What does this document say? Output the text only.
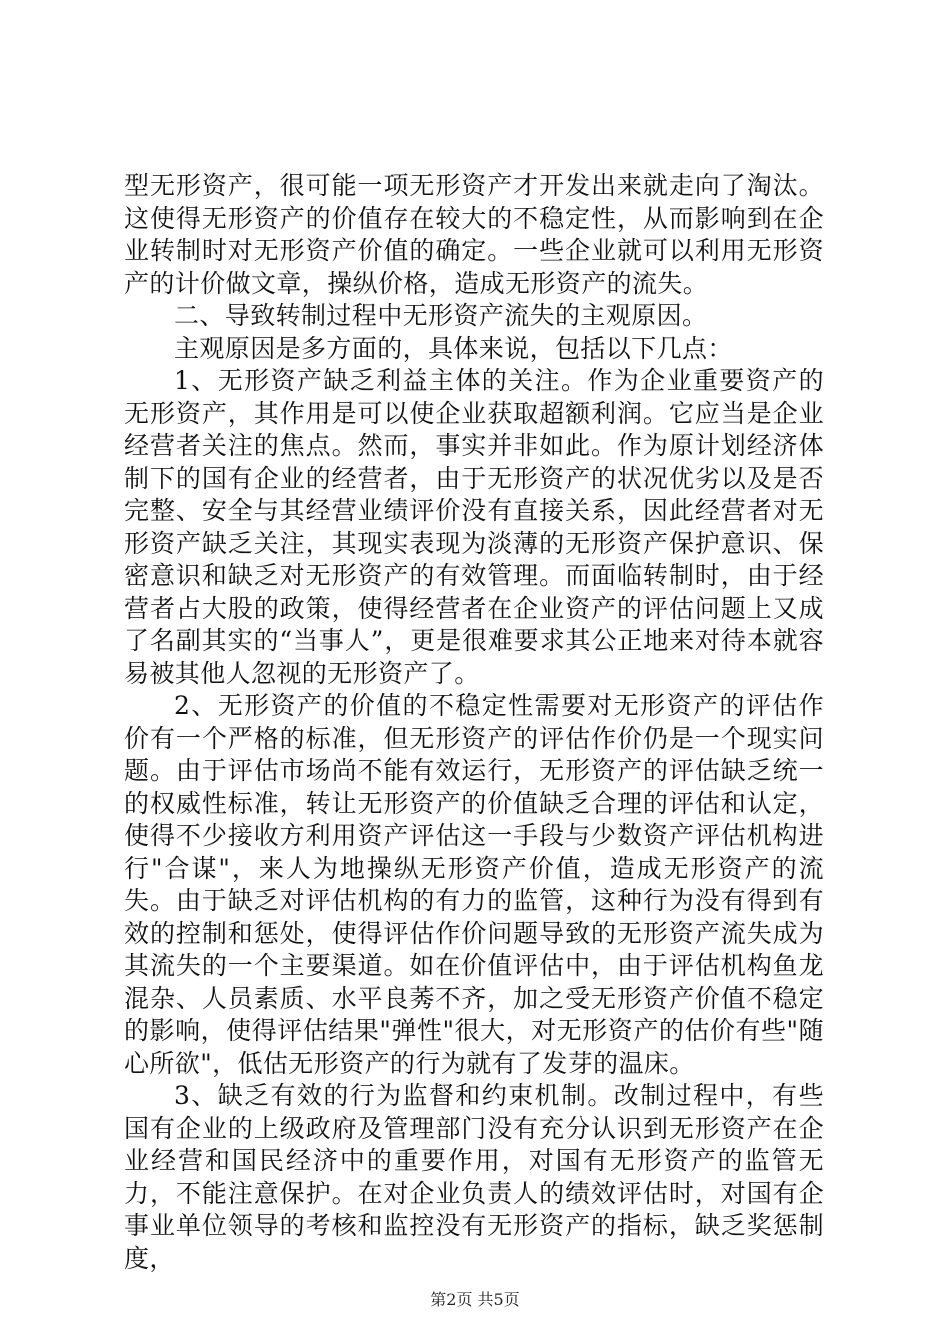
型无形资产，很可能一项无形资产才开发出来就走向了淘汰。这使得无形资产的价值存在较大的不稳定性，从而影响到在企业转制时对无形资产价值的确定。一些企业就可以利用无形资产的计价做文章，操纵价格，造成无形资产的流失。

二、导致转制过程中无形资产流失的主观原因。

主观原因是多方面的，具体来说，包括以下几点：

1、无形资产缺乏利益主体的关注。作为企业重要资产的无形资产，其作用是可以使企业获取超额利润。它应当是企业经营者关注的焦点。然而，事实并非如此。作为原计划经济体制下的国有企业的经营者，由于无形资产的状况优劣以及是否完整、安全与其经营业绩评价没有直接关系，因此经营者对无形资产缺乏关注，其现实表现为淡薄的无形资产保护意识、保密意识和缺乏对无形资产的有效管理。而面临转制时，由于经营者占大股的政策，使得经营者在企业资产的评估问题上又成了名副其实的“当事人”，更是很难要求其公正地来对待本就容易被其他人忽视的无形资产了。

2、无形资产的价值的不稳定性需要对无形资产的评估作价有一个严格的标准，但无形资产的评估作价仍是一个现实问题。由于评估市场尚不能有效运行，无形资产的评估缺乏统一的权威性标准，转让无形资产的价值缺乏合理的评估和认定，使得不少接收方利用资产评估这一手段与少数资产评估机构进行"合谋"，来人为地操纵无形资产价值，造成无形资产的流失。由于缺乏对评估机构的有力的监管，这种行为没有得到有效的控制和惩处，使得评估作价问题导致的无形资产流失成为其流失的一个主要渠道。如在价值评估中，由于评估机构鱼龙混杂、人员素质、水平良莠不齐，加之受无形资产价值不稳定的影响，使得评估结果"弹性"很大，对无形资产的估价有些"随心所欲"，低估无形资产的行为就有了发芽的温床。

3、缺乏有效的行为监督和约束机制。改制过程中，有些国有企业的上级政府及管理部门没有充分认识到无形资产在企业经营和国民经济中的重要作用，对国有无形资产的监管无力，不能注意保护。在对企业负责人的绩效评估时，对国有企事业单位领导的考核和监控没有无形资产的指标，缺乏奖惩制度，

第2页 共5页
